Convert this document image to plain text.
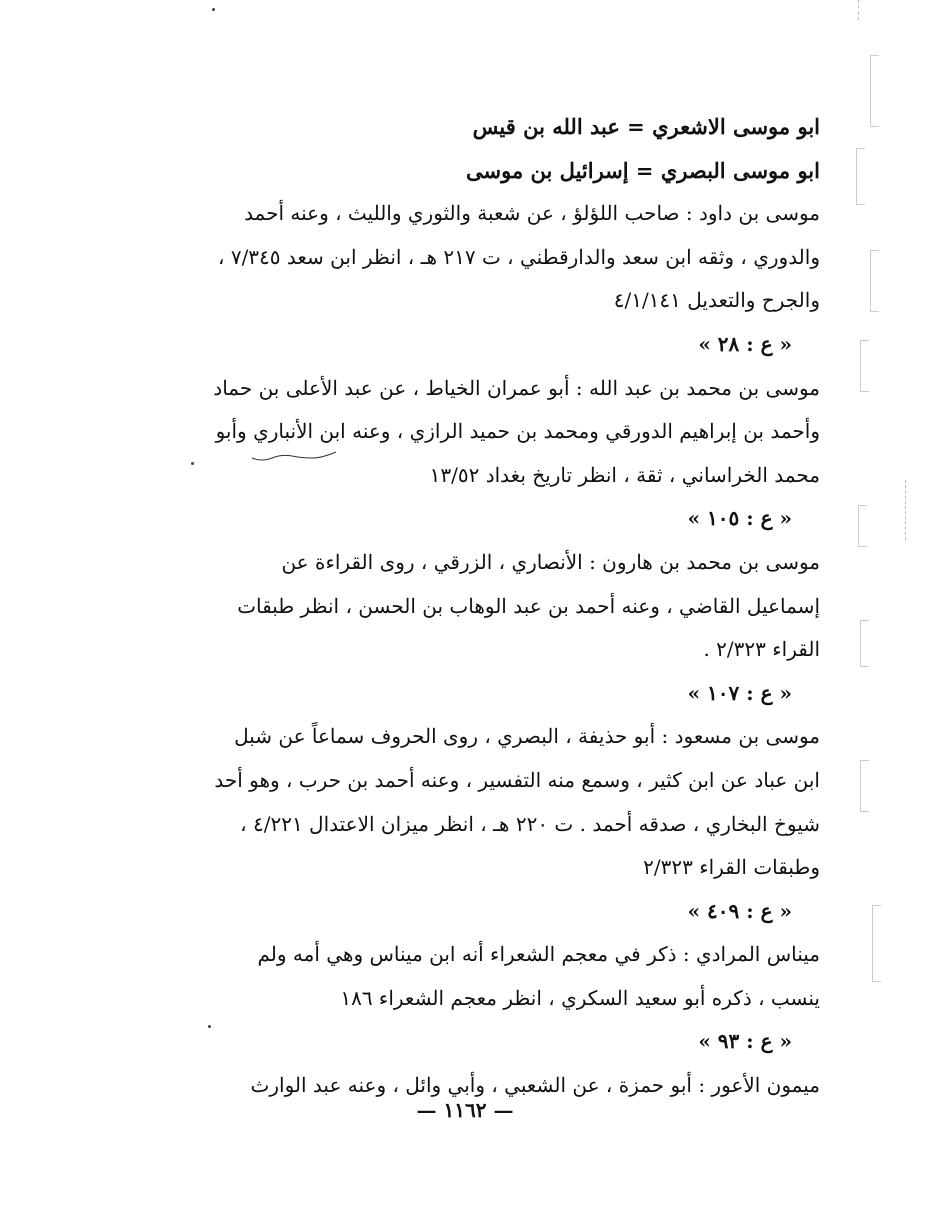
ابو موسى الاشعري = عبد الله بن قيس
ابو موسى البصري = إسرائيل بن موسى
موسى بن داود : صاحب اللؤلؤ ، عن شعبة والثوري والليث ، وعنه أحمد
والدوري ، وثقه ابن سعد والدارقطني ، ت ٢١٧ هـ ، انظر ابن سعد ٧/٣٤٥ ،
والجرح والتعديل ٤/١/١٤١
« ع : ٢٨ »
موسى بن محمد بن عبد الله : أبو عمران الخياط ، عن عبد الأعلى بن حماد
وأحمد بن إبراهيم الدورقي ومحمد بن حميد الرازي ، وعنه ابن الأنباري وأبو
محمد الخراساني ، ثقة ، انظر تاريخ بغداد ١٣/٥٢
« ع : ١٠٥ »
موسى بن محمد بن هارون : الأنصاري ، الزرقي ، روى القراءة عن
إسماعيل القاضي ، وعنه أحمد بن عبد الوهاب بن الحسن ، انظر طبقات
القراء ٢/٣٢٣ .
« ع : ١٠٧ »
موسى بن مسعود : أبو حذيفة ، البصري ، روى الحروف سماعاً عن شبل
ابن عباد عن ابن كثير ، وسمع منه التفسير ، وعنه أحمد بن حرب ، وهو أحد
شيوخ البخاري ، صدقه أحمد . ت ٢٢٠ هـ ، انظر ميزان الاعتدال ٤/٢٢١ ،
وطبقات القراء ٢/٣٢٣
« ع : ٤٠٩ »
ميناس المرادي : ذكر في معجم الشعراء أنه ابن ميناس وهي أمه ولم
ينسب ، ذكره أبو سعيد السكري ، انظر معجم الشعراء ١٨٦
« ع : ٩٣ »
ميمون الأعور : أبو حمزة ، عن الشعبي ، وأبي وائل ، وعنه عبد الوارث
— ١١٦٢ —
